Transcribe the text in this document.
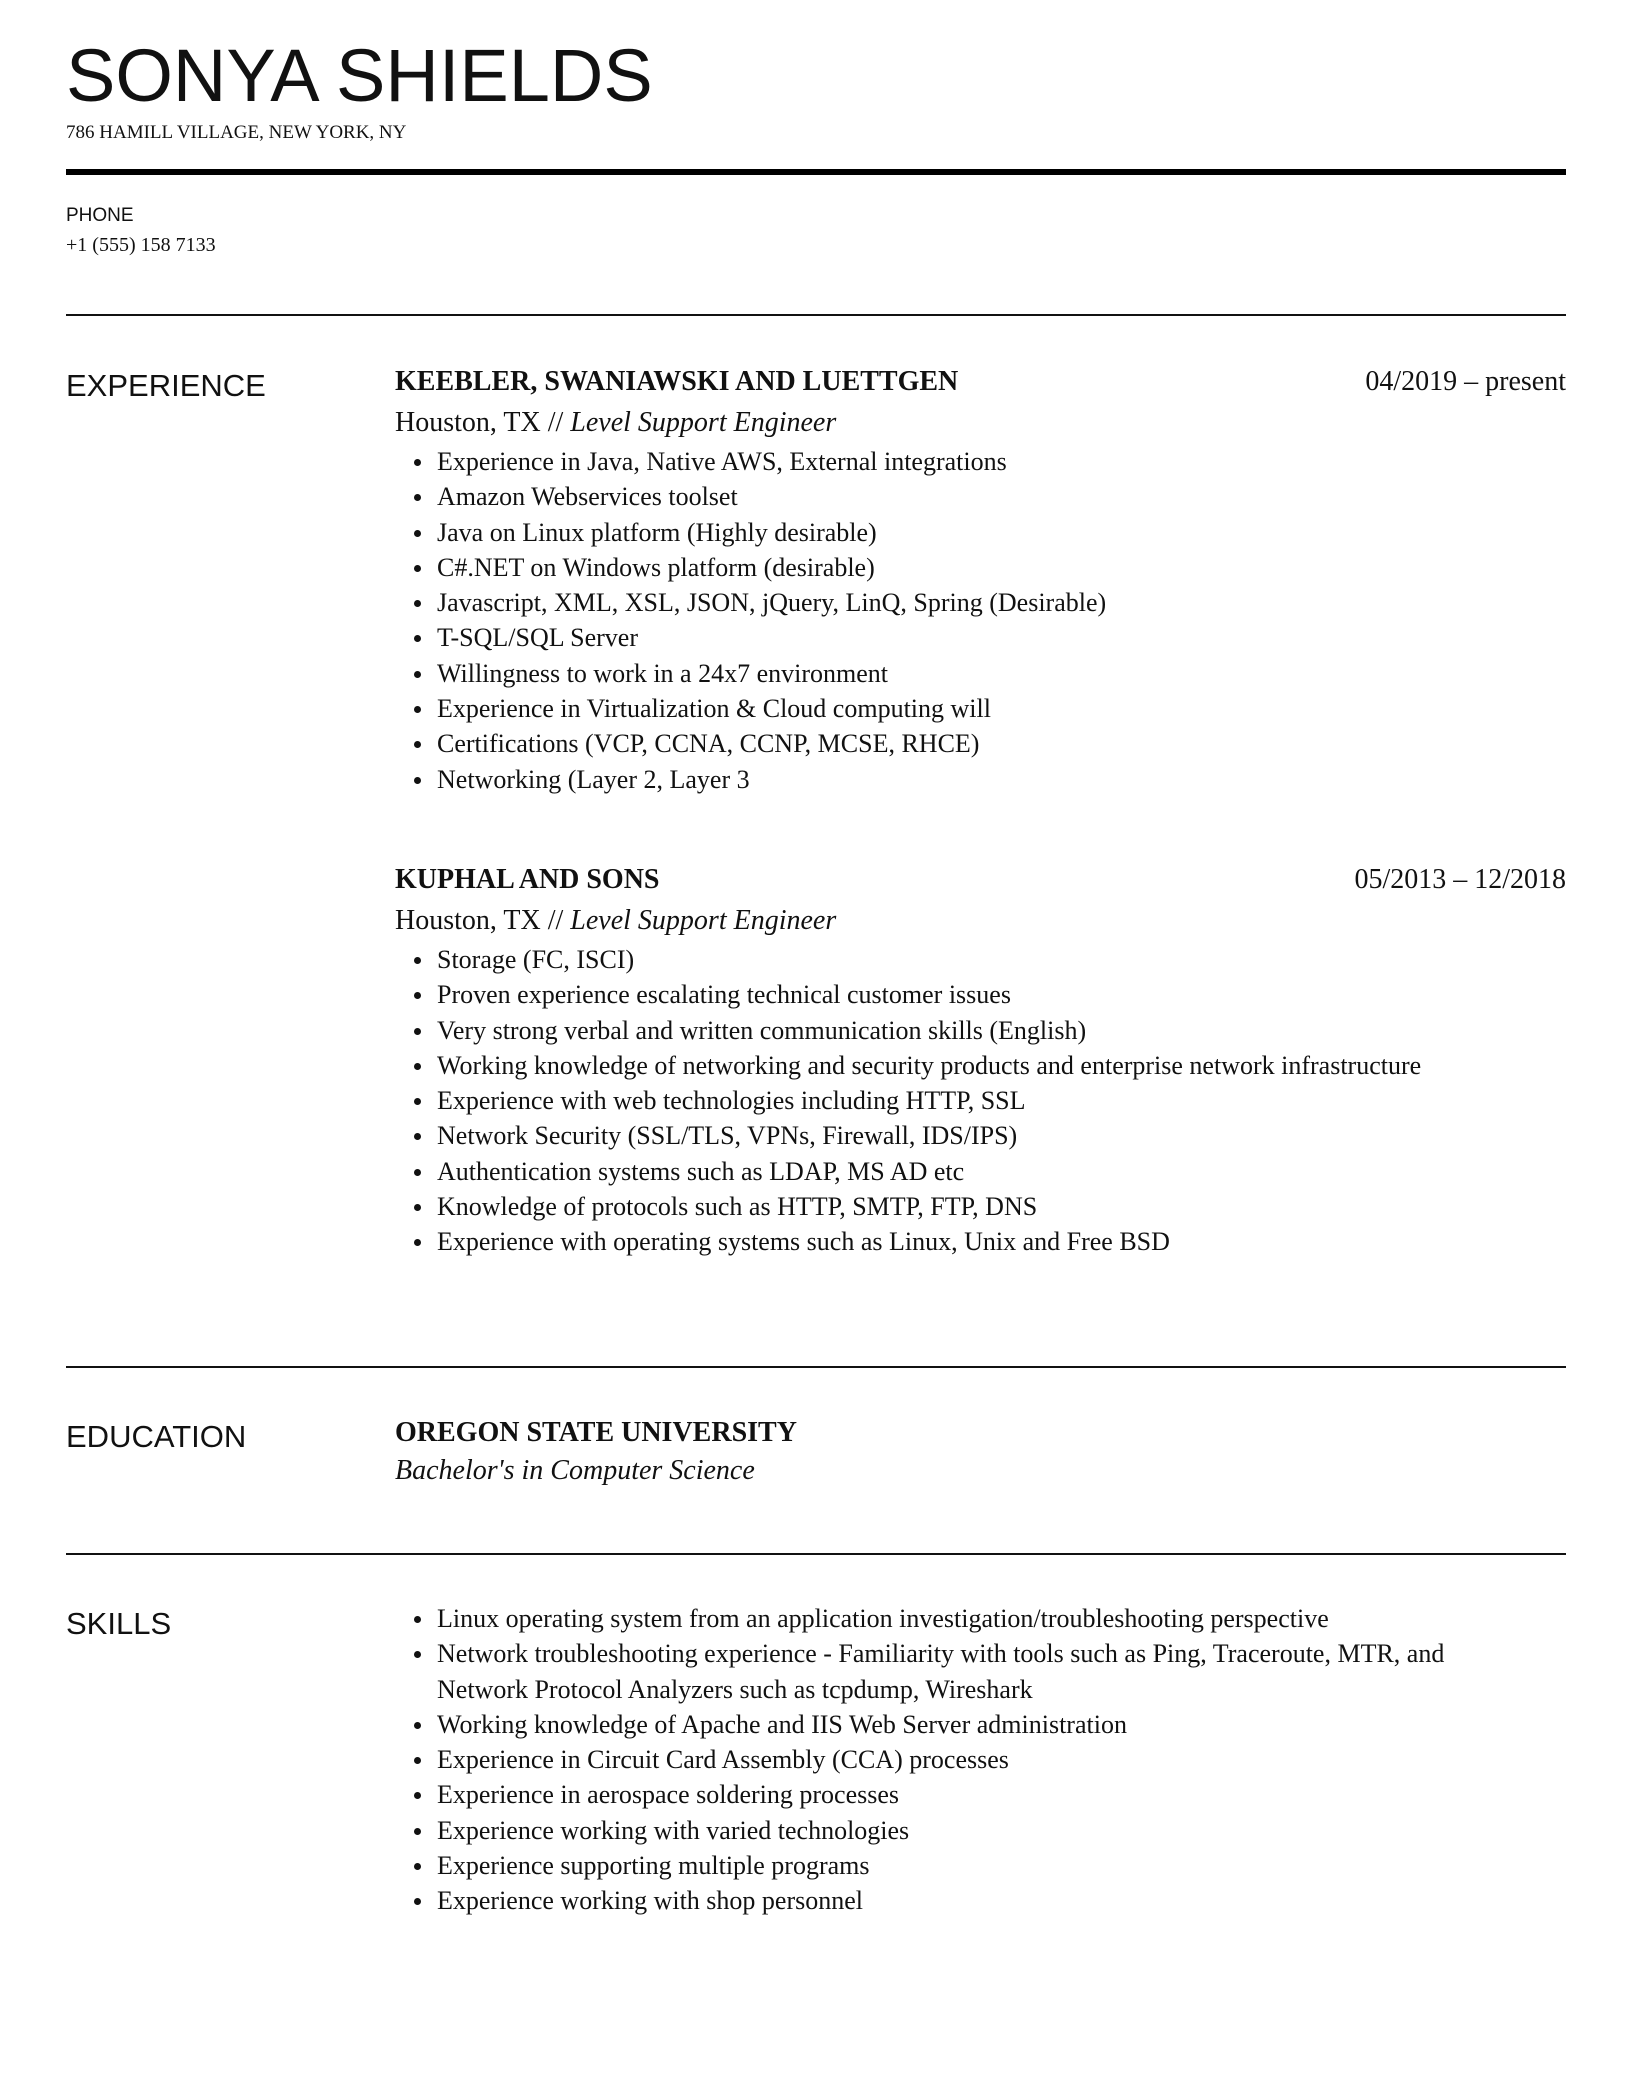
SONYA SHIELDS
786 HAMILL VILLAGE, NEW YORK, NY
PHONE
+1 (555) 158 7133
EXPERIENCE	KEEBLER, SWANIAWSKI AND LUETTGEN	04/2019 – present
Houston, TX // Level Support Engineer
Experience in Java, Native AWS, External integrations
Amazon Webservices toolset
Java on Linux platform (Highly desirable)
C#.NET on Windows platform (desirable)
Javascript, XML, XSL, JSON, jQuery, LinQ, Spring (Desirable)
T-SQL/SQL Server
Willingness to work in a 24x7 environment
Experience in Virtualization & Cloud computing will
Certifications (VCP, CCNA, CCNP, MCSE, RHCE)
Networking (Layer 2, Layer 3
KUPHAL AND SONS	05/2013 – 12/2018
Houston, TX // Level Support Engineer
Storage (FC, ISCI)
Proven experience escalating technical customer issues
Very strong verbal and written communication skills (English)
Working knowledge of networking and security products and enterprise network infrastructure
Experience with web technologies including HTTP, SSL
Network Security (SSL/TLS, VPNs, Firewall, IDS/IPS)
Authentication systems such as LDAP, MS AD etc
Knowledge of protocols such as HTTP, SMTP, FTP, DNS
Experience with operating systems such as Linux, Unix and Free BSD
EDUCATION	OREGON STATE UNIVERSITY
Bachelor's in Computer Science
SKILLS	Linux operating system from an application investigation/troubleshooting perspective
Network troubleshooting experience - Familiarity with tools such as Ping, Traceroute, MTR, and Network Protocol Analyzers such as tcpdump, Wireshark
Working knowledge of Apache and IIS Web Server administration
Experience in Circuit Card Assembly (CCA) processes
Experience in aerospace soldering processes
Experience working with varied technologies
Experience supporting multiple programs
Experience working with shop personnel
